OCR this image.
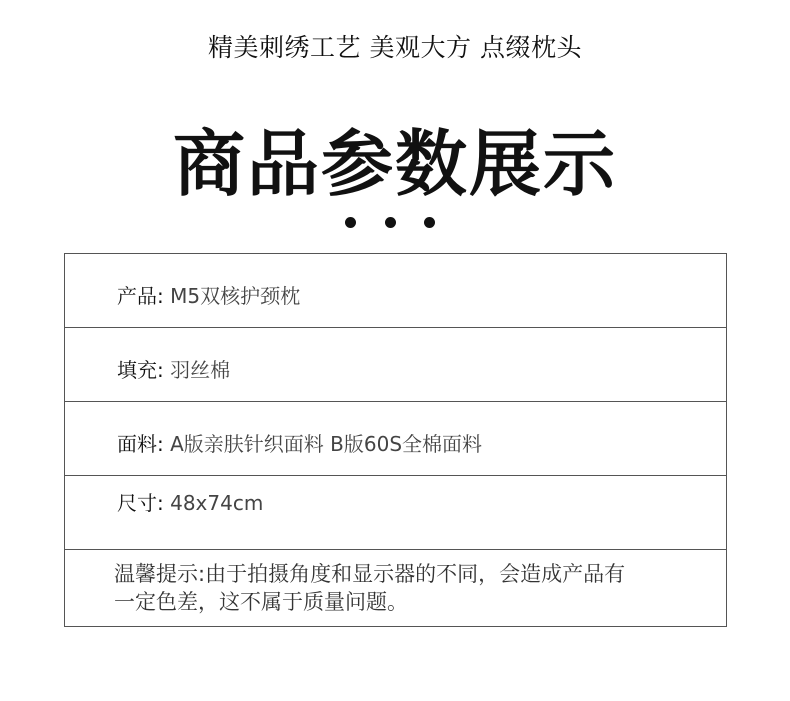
精美刺绣工艺 美观大方 点缀枕头
商品参数展示
产品: M5双核护颈枕
填充: 羽丝棉
面料: A版亲肤针织面料 B版60S全棉面料
尺寸: 48x74cm
温馨提示:由于拍摄角度和显示器的不同，会造成产品有
一定色差，这不属于质量问题。
